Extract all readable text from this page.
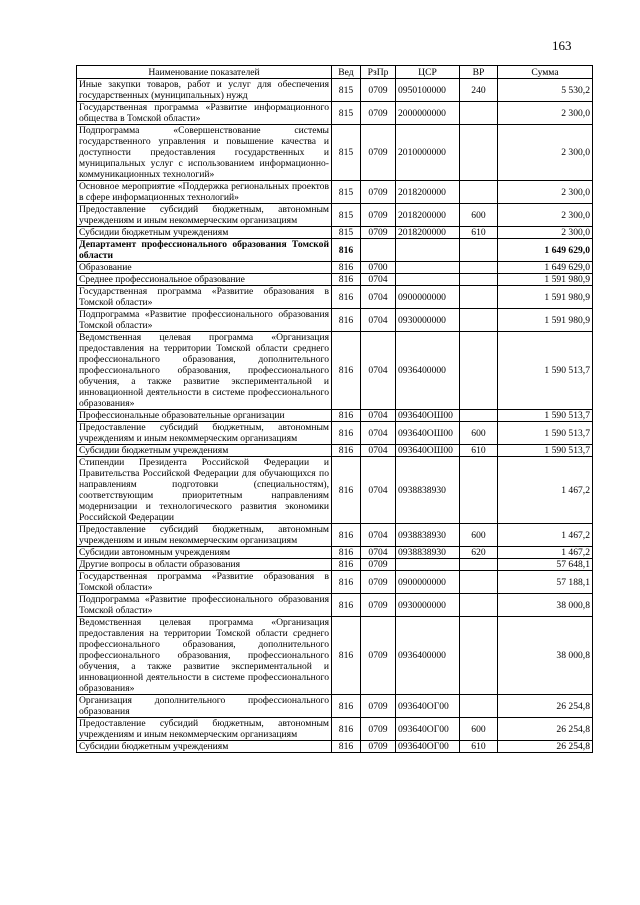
163
Наименование показателей	Вед	РзПр	ЦСР	ВР	Сумма
Иные закупки товаров, работ и услуг для обеспечения государственных (муниципальных) нужд	815	0709	0950100000	240	5 530,2
Государственная программа «Развитие информационного общества в Томской области»	815	0709	2000000000		2 300,0
Подпрограмма «Совершенствование системы государственного управления и повышение качества и доступности предоставления государственных и муниципальных услуг с использованием информационно-коммуникационных технологий»	815	0709	2010000000		2 300,0
Основное мероприятие «Поддержка региональных проектов в сфере информационных технологий»	815	0709	2018200000		2 300,0
Предоставление субсидий бюджетным, автономным учреждениям и иным некоммерческим организациям	815	0709	2018200000	600	2 300,0
Субсидии бюджетным учреждениям	815	0709	2018200000	610	2 300,0
Департамент профессионального образования Томской области	816				1 649 629,0
Образование	816	0700			1 649 629,0
Среднее профессиональное образование	816	0704			1 591 980,9
Государственная программа «Развитие образования в Томской области»	816	0704	0900000000		1 591 980,9
Подпрограмма «Развитие профессионального образования Томской области»	816	0704	0930000000		1 591 980,9
Ведомственная целевая программа «Организация предоставления на территории Томской области среднего профессионального образования, дополнительного профессионального образования, профессионального обучения, а также развитие экспериментальной и инновационной деятельности в системе профессионального образования»	816	0704	0936400000		1 590 513,7
Профессиональные образовательные организации	816	0704	093640OШ00		1 590 513,7
Предоставление субсидий бюджетным, автономным учреждениям и иным некоммерческим организациям	816	0704	093640OШ00	600	1 590 513,7
Субсидии бюджетным учреждениям	816	0704	093640OШ00	610	1 590 513,7
Стипендии Президента Российской Федерации и Правительства Российской Федерации для обучающихся по направлениям подготовки (специальностям), соответствующим приоритетным направлениям модернизации и технологического развития экономики Российской Федерации	816	0704	0938838930		1 467,2
Предоставление субсидий бюджетным, автономным учреждениям и иным некоммерческим организациям	816	0704	0938838930	600	1 467,2
Субсидии автономным учреждениям	816	0704	0938838930	620	1 467,2
Другие вопросы в области образования	816	0709			57 648,1
Государственная программа «Развитие образования в Томской области»	816	0709	0900000000		57 188,1
Подпрограмма «Развитие профессионального образования Томской области»	816	0709	0930000000		38 000,8
Ведомственная целевая программа «Организация предоставления на территории Томской области среднего профессионального образования, дополнительного профессионального образования, профессионального обучения, а также развитие экспериментальной и инновационной деятельности в системе профессионального образования»	816	0709	0936400000		38 000,8
Организация дополнительного профессионального образования	816	0709	093640OГ00		26 254,8
Предоставление субсидий бюджетным, автономным учреждениям и иным некоммерческим организациям	816	0709	093640OГ00	600	26 254,8
Субсидии бюджетным учреждениям	816	0709	093640OГ00	610	26 254,8
